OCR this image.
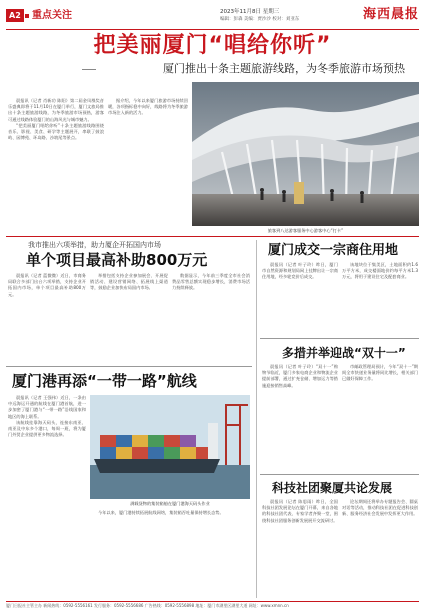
A2	重点关注	2023年11月8日 星期三
编辑：彭森 美编：贾沙沙 校对：刘亚东	海西晨报
把美丽厦门“唱给你听”
厦门推出十条主题旅游线路，为冬季旅游市场预热

晨报讯（记者 肖新功 陈阳）第二届金凤凰奖音乐盛典即将于11月10日在厦门举行，厦门文旅局推出十条主题旅游线路，为冬季旅游市场预热，游客可通过线路体验厦门的山海风光与城市魅力。

“把美丽厦门唱给你听”十条主题旅游线路围绕音乐、影视、美食、研学等主题展开，串联了鼓浪屿、园博苑、环岛路、沙坡尾等景点。

据介绍，今年以来厦门旅游市场持续回暖，各项指标稳中向好，线路将为冬季旅游市场注入新的活力。

旅客到八达游客服务中心游客中心“打卡”
我市推出六项举措，助力厦企开拓国内市场
单个项目最高补助800万元

晨报讯（记者 蓝微微）近日，市商务局联合多部门出台六项举措，支持企业开拓国内市场，单个项目最高补助800万元。

举措包括支持企业参加展会、开展促销活动、建设营销网络、拓展线上渠道等，鼓励企业加快布局国内市场。

数据显示，今年前三季度全市社会消费品零售总额实现稳步增长，消费市场活力持续释放。

厦门港再添“一带一路”航线

晨报讯（记者 王强伟）近日，一条由中远海运开通的航线在厦门港首航，进一步加密了厦门港与“一带一路”沿线国家和地区的海上联系。

该航线挂靠海天码头，连接东南亚、南亚及中东多个港口，每周一班，将为厦门外贸企业提供更多物流选择。

满载货物的集装箱船在厦门港海天码头作业

今年以来，厦门港持续拓展航线网络，集装箱吞吐量保持增长态势。

厦门成交一宗商住用地

晨报讯（记者 叶子玲）昨日，厦门市自然资源和规划局网上挂牌出让一宗商住用地，经多轮竞价后成交。

该地块位于集美区，土地面积约1.6万平方米，成交楼面地价约每平方米1.3万元，将用于建设住宅及配套商业。

多措并举迎战“双十一”

晨报讯（记者 叶子玲）“双十一”购物节临近，厦门多家电商企业和物流企业提前部署，通过扩充仓储、增加运力等措施迎接销售高峰。

市邮政管理局预计，今年“双十一”期间全市快递业务量将同比增长，相关部门已做好保障工作。

科技社团聚厦共论发展

晨报讯（记者 陈思雨）昨日，全国科技社团发展论坛在厦门开幕，来自各地的科技社团代表、专家学者齐聚一堂，围绕科技社团服务创新发展展开交流研讨。

论坛期间还将举办专题报告会、圆桌对话等活动，推动科技社团在促进科技创新、服务经济社会发展中发挥更大作用。

厦门日报社主管主办 新闻热线：0592-5556161 发行服务：0592-5556686 广告热线：0592-5556898 地址：厦门市湖里区湖里大道 网址：www.xmnn.cn
